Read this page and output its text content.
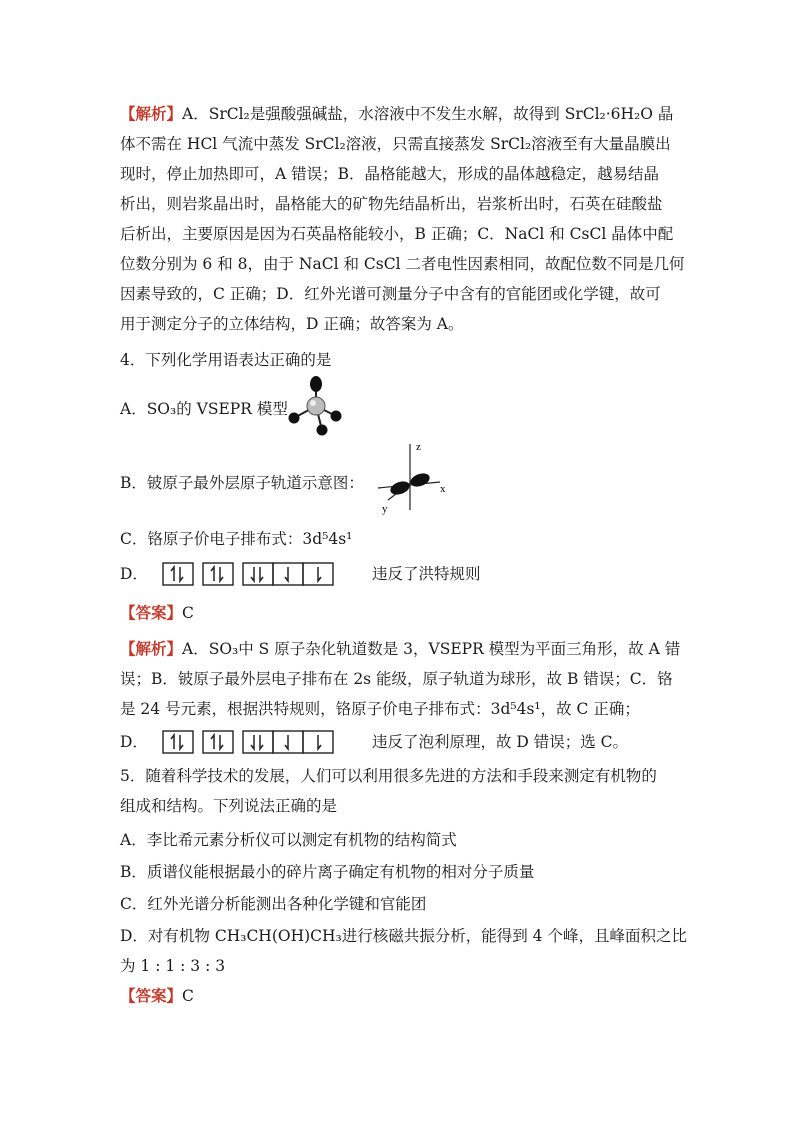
【解析】A．SrCl₂是强酸强碱盐，水溶液中不发生水解，故得到 SrCl₂·6H₂O 晶
体不需在 HCl 气流中蒸发 SrCl₂溶液，只需直接蒸发 SrCl₂溶液至有大量晶膜出
现时，停止加热即可，A 错误；B．晶格能越大，形成的晶体越稳定，越易结晶
析出，则岩浆晶出时，晶格能大的矿物先结晶析出，岩浆析出时，石英在硅酸盐
后析出，主要原因是因为石英晶格能较小，B 正确；C．NaCl 和 CsCl 晶体中配
位数分别为 6 和 8，由于 NaCl 和 CsCl 二者电性因素相同，故配位数不同是几何
因素导致的，C 正确；D．红外光谱可测量分子中含有的官能团或化学键，故可
用于测定分子的立体结构，D 正确；故答案为 A。
4．下列化学用语表达正确的是
A．SO₃的 VSEPR 模型
B．铍原子最外层原子轨道示意图：
z
x
y
C．铬原子价电子排布式：3d⁵4s¹
D．	违反了洪特规则
【答案】C
【解析】A．SO₃中 S 原子杂化轨道数是 3，VSEPR 模型为平面三角形，故 A 错
误；B．铍原子最外层电子排布在 2s 能级，原子轨道为球形，故 B 错误；C．铬
是 24 号元素，根据洪特规则，铬原子价电子排布式：3d⁵4s¹，故 C 正确；
D．	违反了泡利原理，故 D 错误；选 C。
5．随着科学技术的发展，人们可以利用很多先进的方法和手段来测定有机物的
组成和结构。下列说法正确的是
A．李比希元素分析仪可以测定有机物的结构简式
B．质谱仪能根据最小的碎片离子确定有机物的相对分子质量
C．红外光谱分析能测出各种化学键和官能团
D．对有机物 CH₃CH(OH)CH₃进行核磁共振分析，能得到 4 个峰，且峰面积之比
为 1 : 1 : 3 : 3
【答案】C
